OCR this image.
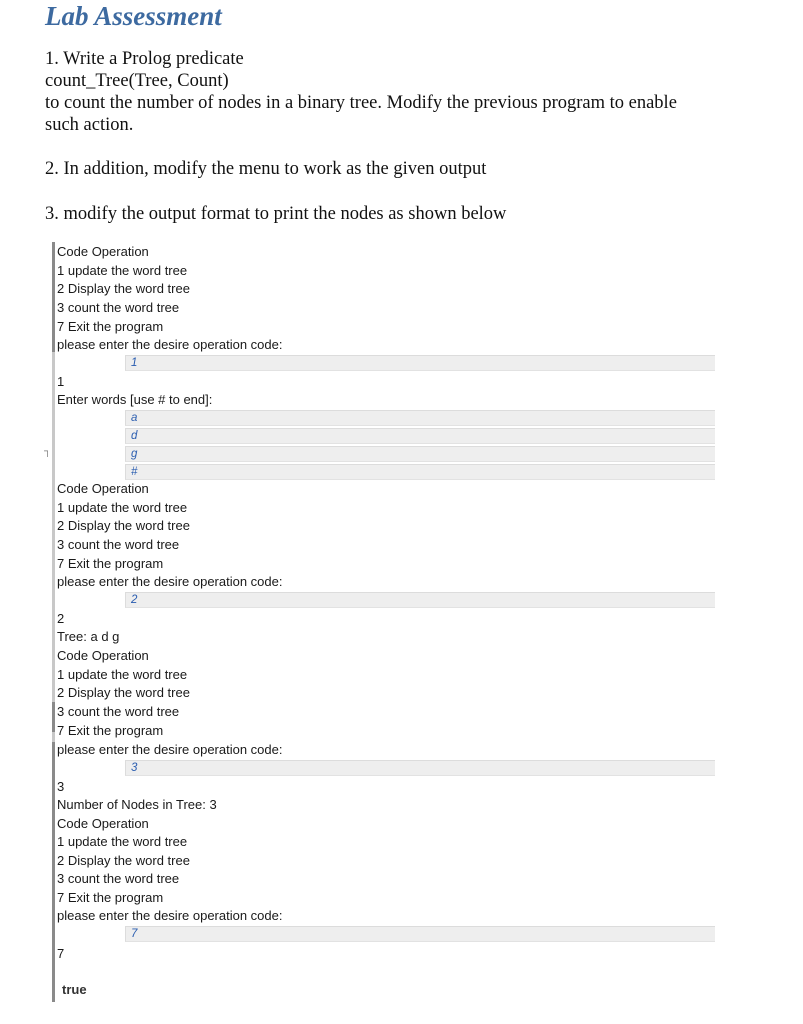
Lab Assessment

1. Write a Prolog predicate

count_Tree(Tree, Count)

to count the number of nodes in a binary tree. Modify the previous program to enable

such action.

2. In addition, modify the menu to work as the given output

3. modify the output format to print the nodes as shown below

┐
Code Operation
1 update the word tree
2 Display the word tree
3 count the word tree
7 Exit the program
please enter the desire operation code:
1
1
Enter words [use # to end]:
a
d
g
#
Code Operation
1 update the word tree
2 Display the word tree
3 count the word tree
7 Exit the program
please enter the desire operation code:
2
2
Tree: a d g
Code Operation
1 update the word tree
2 Display the word tree
3 count the word tree
7 Exit the program
please enter the desire operation code:
3
3
Number of Nodes in Tree: 3
Code Operation
1 update the word tree
2 Display the word tree
3 count the word tree
7 Exit the program
please enter the desire operation code:
7
7
true
